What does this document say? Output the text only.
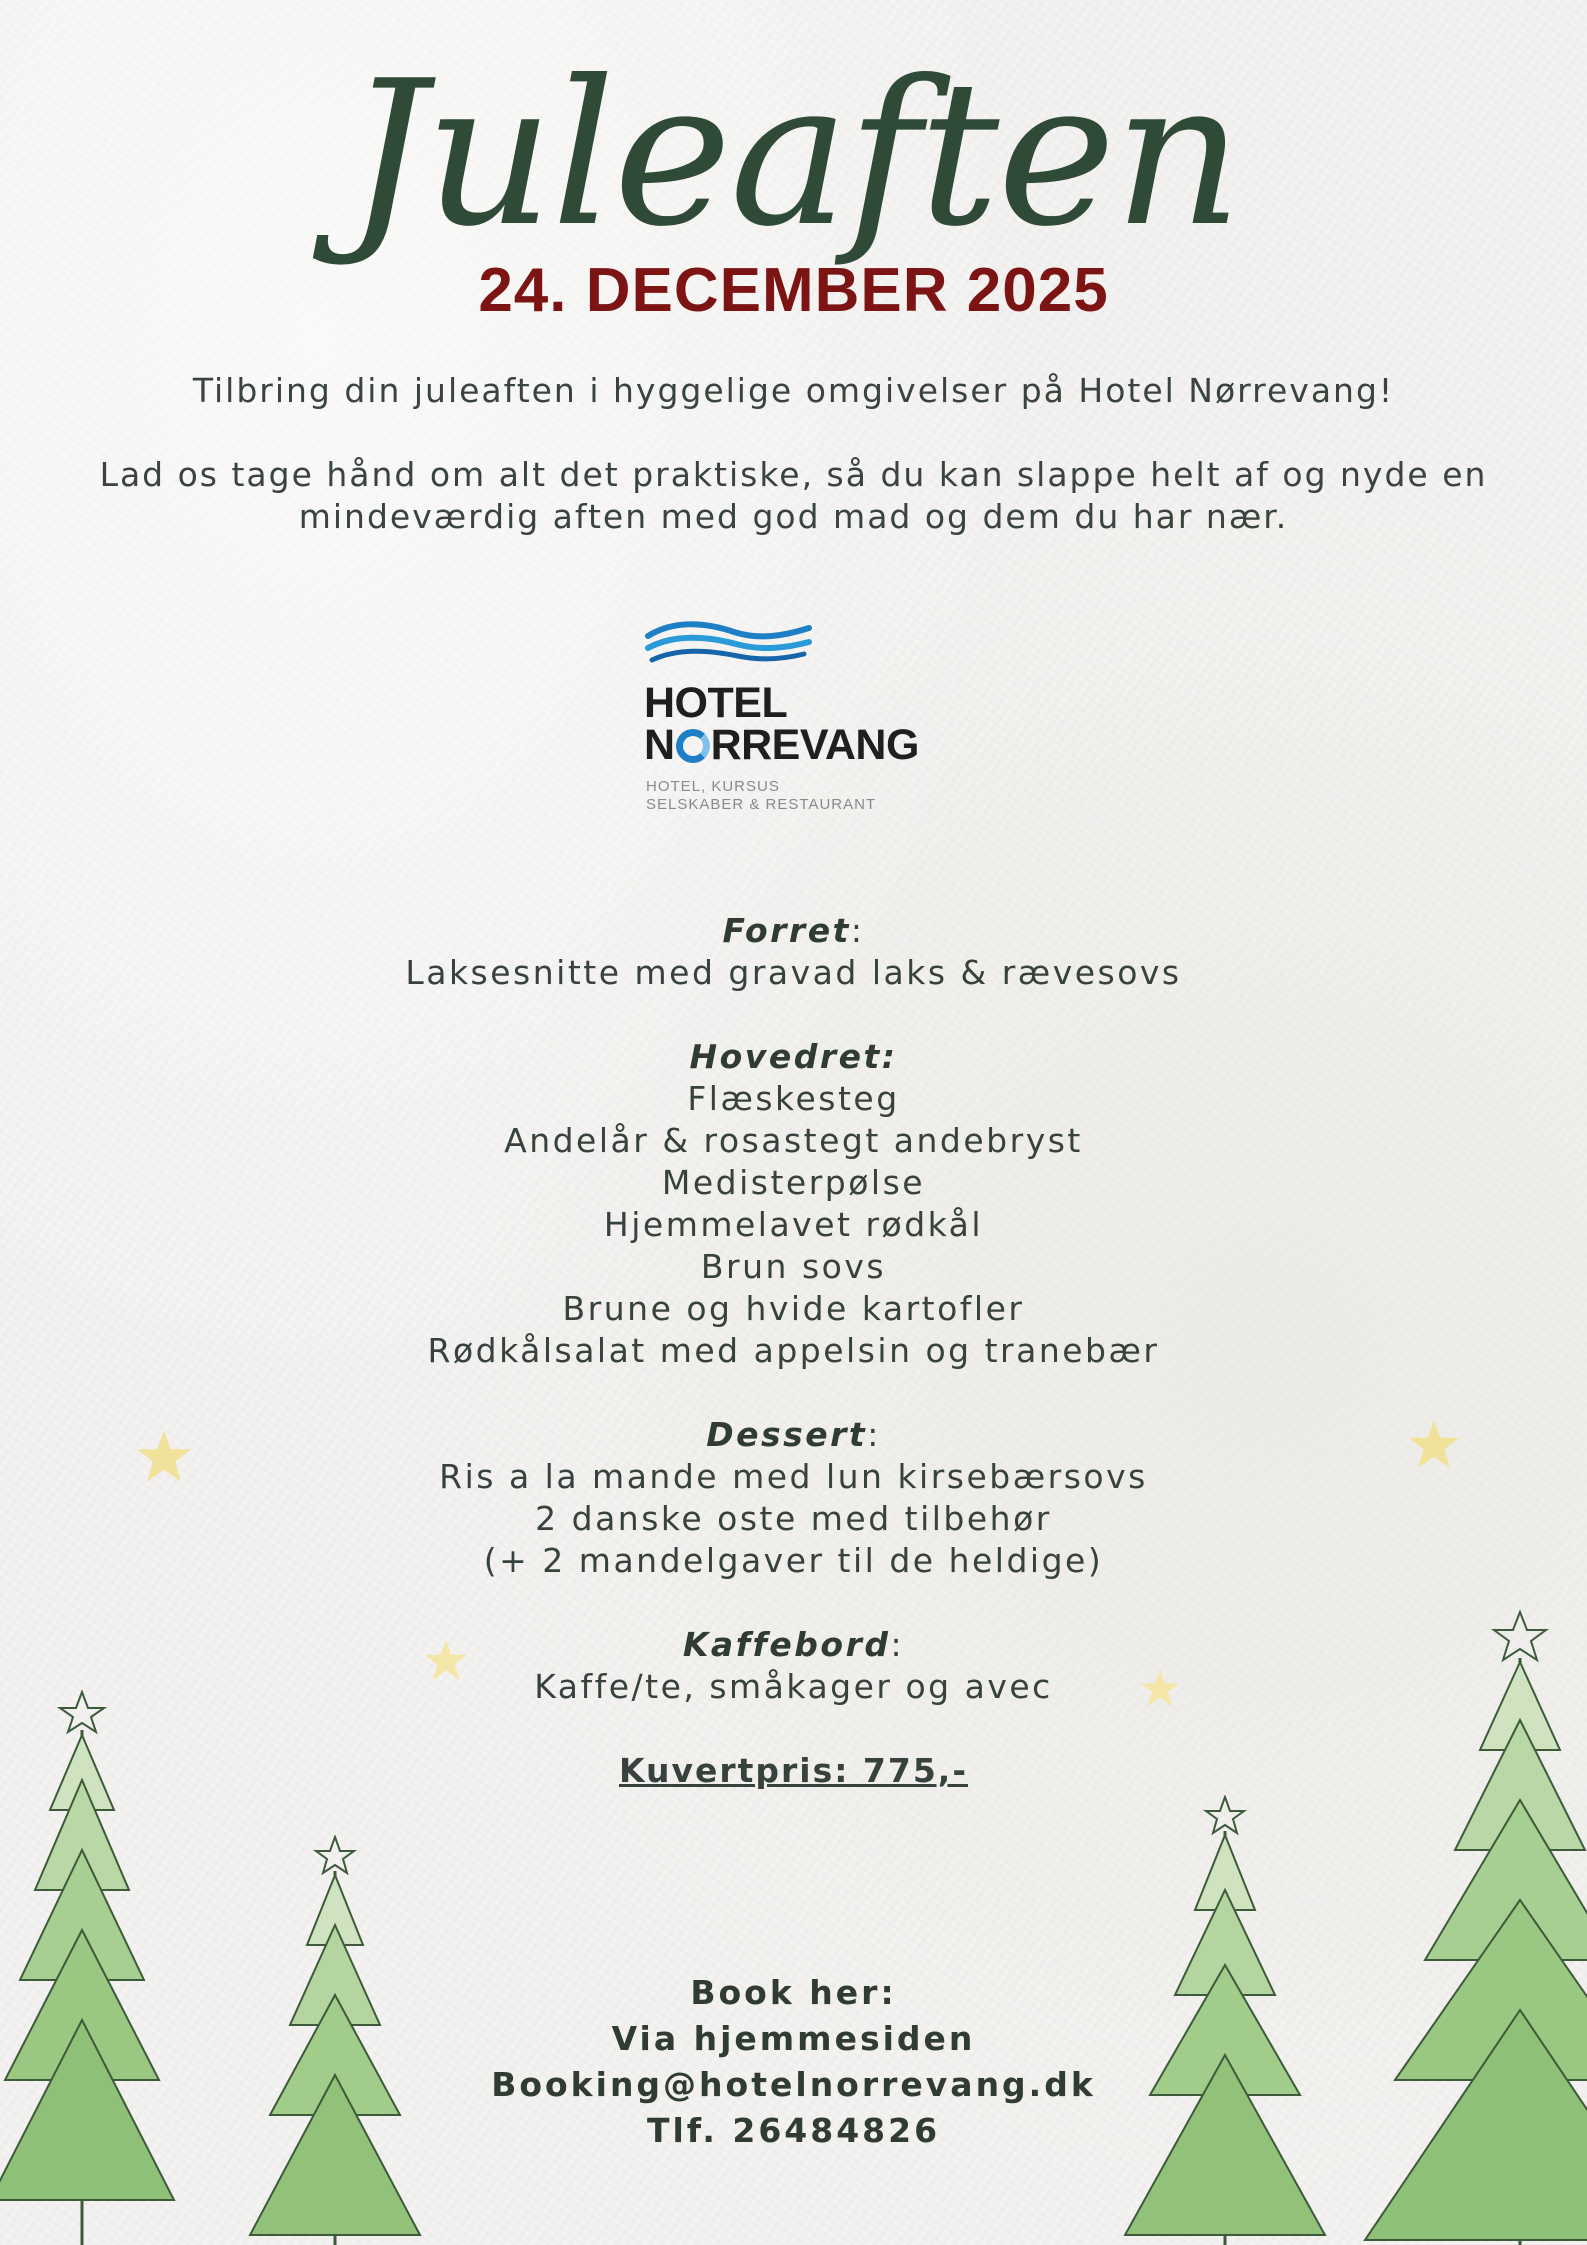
Juleaften
24. DECEMBER 2025
Tilbring din juleaften i hyggelige omgivelser på Hotel Nørrevang!
Lad os tage hånd om alt det praktiske, så du kan slappe helt af og nyde en
mindeværdig aften med god mad og dem du har nær.
HOTEL
N RREVANG
HOTEL, KURSUS
SELSKABER & RESTAURANT
Forret:
Laksesnitte med gravad laks & rævesovs
Hovedret:
Flæskesteg
Andelår & rosastegt andebryst
Medisterpølse
Hjemmelavet rødkål
Brun sovs
Brune og hvide kartofler
Rødkålsalat med appelsin og tranebær
Dessert:
Ris a la mande med lun kirsebærsovs
2 danske oste med tilbehør
(+ 2 mandelgaver til de heldige)
Kaffebord:
Kaffe/te, småkager og avec
Kuvertpris: 775,-
Book her:
Via hjemmesiden
Booking@hotelnorrevang.dk
Tlf. 26484826
